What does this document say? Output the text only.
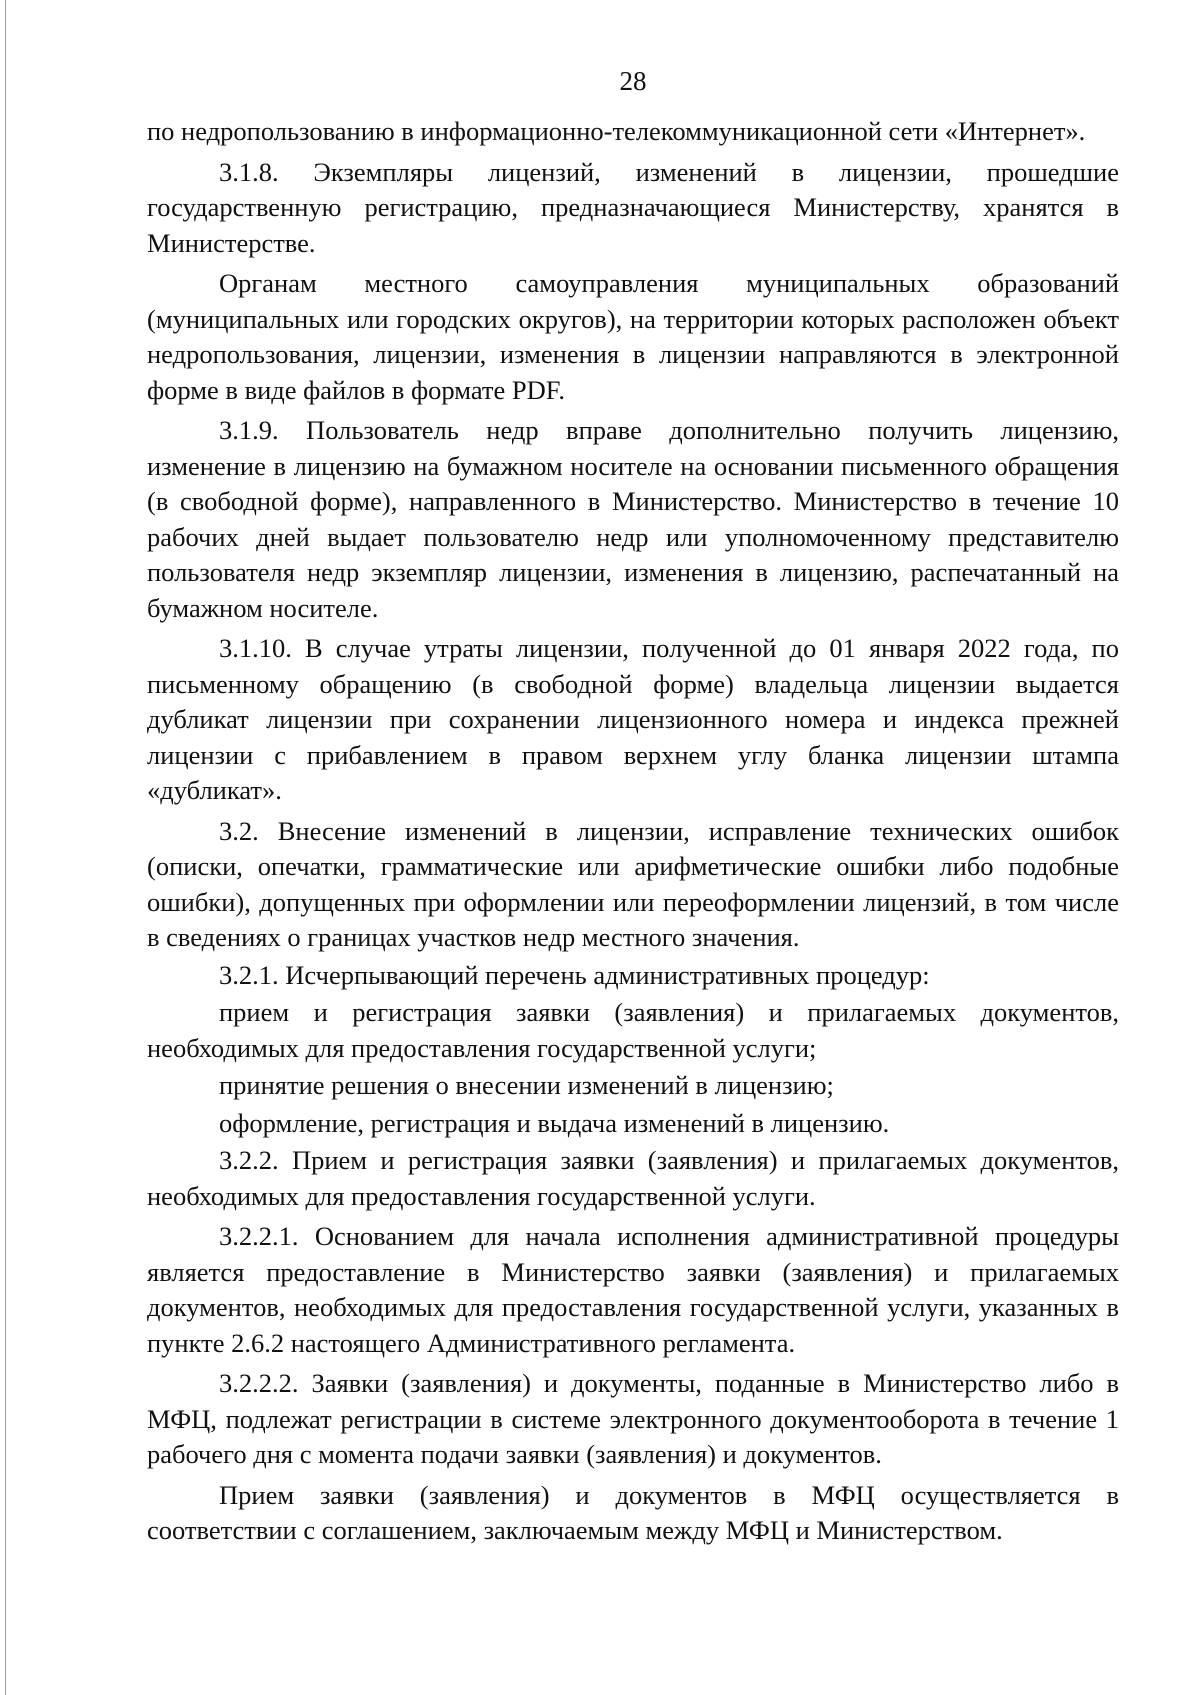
28

по недропользованию в информационно-телекоммуникационной сети «Интернет».

3.1.8. Экземпляры лицензий, изменений в лицензии, прошедшие государственную регистрацию, предназначающиеся Министерству, хранятся в Министерстве.

Органам местного самоуправления муниципальных образований (муниципальных или городских округов), на территории которых расположен объект недропользования, лицензии, изменения в лицензии направляются в электронной форме в виде файлов в формате PDF.

3.1.9. Пользователь недр вправе дополнительно получить лицензию, изменение в лицензию на бумажном носителе на основании письменного обращения (в свободной форме), направленного в Министерство. Министерство в течение 10 рабочих дней выдает пользователю недр или уполномоченному представителю пользователя недр экземпляр лицензии, изменения в лицензию, распечатанный на бумажном носителе.

3.1.10. В случае утраты лицензии, полученной до 01 января 2022 года, по письменному обращению (в свободной форме) владельца лицензии выдается дубликат лицензии при сохранении лицензионного номера и индекса прежней лицензии с прибавлением в правом верхнем углу бланка лицензии штампа «дубликат».

3.2. Внесение изменений в лицензии, исправление технических ошибок (описки, опечатки, грамматические или арифметические ошибки либо подобные ошибки), допущенных при оформлении или переоформлении лицензий, в том числе в сведениях о границах участков недр местного значения.

3.2.1. Исчерпывающий перечень административных процедур:

прием и регистрация заявки (заявления) и прилагаемых документов, необходимых для предоставления государственной услуги;

принятие решения о внесении изменений в лицензию;

оформление, регистрация и выдача изменений в лицензию.

3.2.2. Прием и регистрация заявки (заявления) и прилагаемых документов, необходимых для предоставления государственной услуги.

3.2.2.1. Основанием для начала исполнения административной процедуры является предоставление в Министерство заявки (заявления) и прилагаемых документов, необходимых для предоставления государственной услуги, указанных в пункте 2.6.2 настоящего Административного регламента.

3.2.2.2. Заявки (заявления) и документы, поданные в Министерство либо в МФЦ, подлежат регистрации в системе электронного документооборота в течение 1 рабочего дня с момента подачи заявки (заявления) и документов.

Прием заявки (заявления) и документов в МФЦ осуществляется в соответствии с соглашением, заключаемым между МФЦ и Министерством.
